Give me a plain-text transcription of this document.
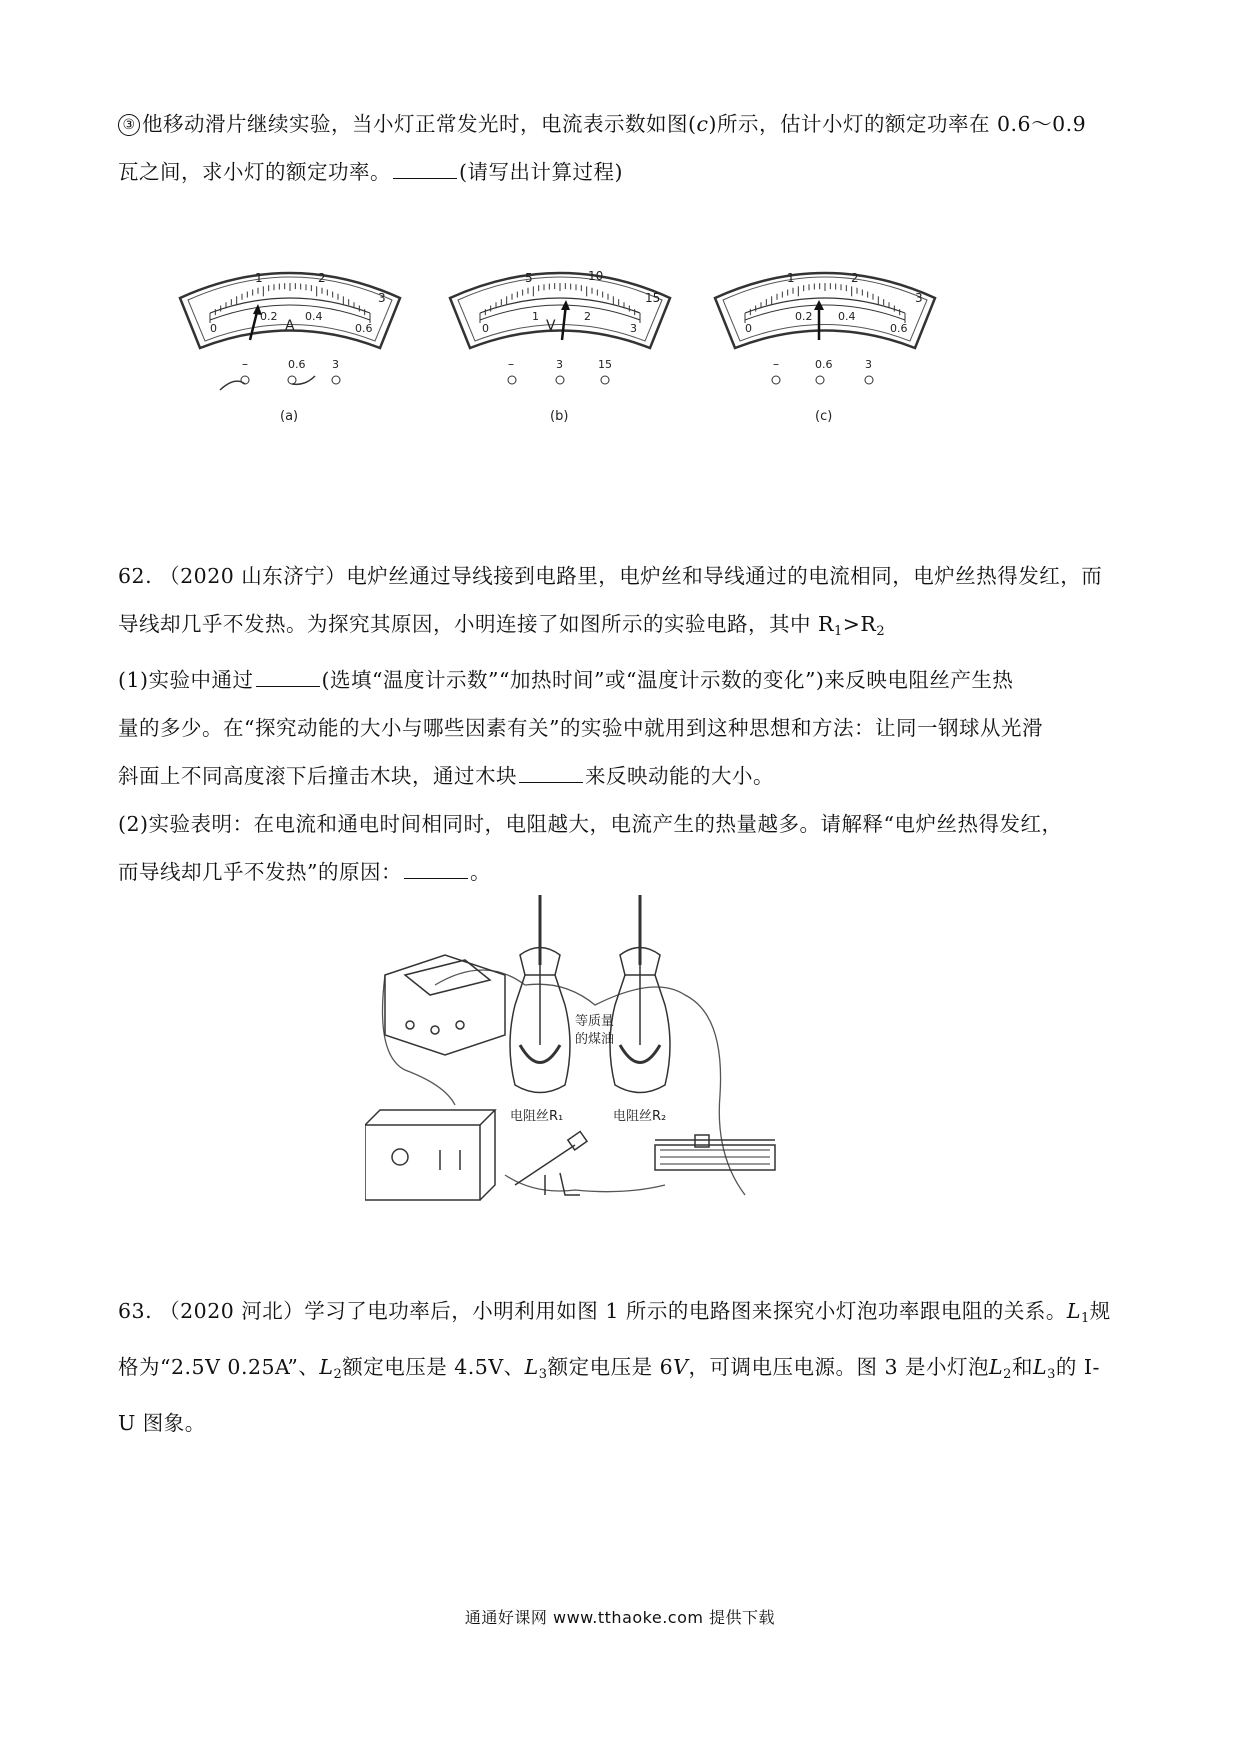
③ 他移动滑片继续实验，当小灯正常发光时，电流表示数如图(c)所示，估计小灯的额定功率在 0.6～0.9
瓦之间，求小灯的额定功率。	(请写出计算过程)
1	2
3
0
0.2	0.4
0.6
A
–	0.6 3
(a)
5	10
15
0
1	2
3
V
–	3	15
(b)
1	2
3
0
0.2 0.4
0.6
–	0.6	3
(c)
62. （2020 山东济宁）电炉丝通过导线接到电路里，电炉丝和导线通过的电流相同，电炉丝热得发红，而
导线却几乎不发热。为探究其原因，小明连接了如图所示的实验电路，其中 $R_1>R_2$
(1)实验中通过	(选填“温度计示数”“加热时间”或“温度计示数的变化”)来反映电阻丝产生热
量的多少。在“探究动能的大小与哪些因素有关”的实验中就用到这种思想和方法：让同一钢球从光滑
斜面上不同高度滚下后撞击木块，通过木块	来反映动能的大小。
(2)实验表明：在电流和通电时间相同时，电阻越大，电流产生的热量越多。请解释“电炉丝热得发红，
而导线却几乎不发热”的原因：	。
等质量
的煤油
电阻丝R₁	电阻丝R₂
63. （2020 河北）学习了电功率后，小明利用如图 1 所示的电路图来探究小灯泡功率跟电阻的关系。$L_1$规
格为“2.5V 0.25A”、$L_2$额定电压是 4.5V、$L_3$额定电压是 6V，可调电压电源。图 3 是小灯泡$L_2$和$L_3$的 I-
U 图象。
通通好课网 www.tthaoke.com 提供下载
